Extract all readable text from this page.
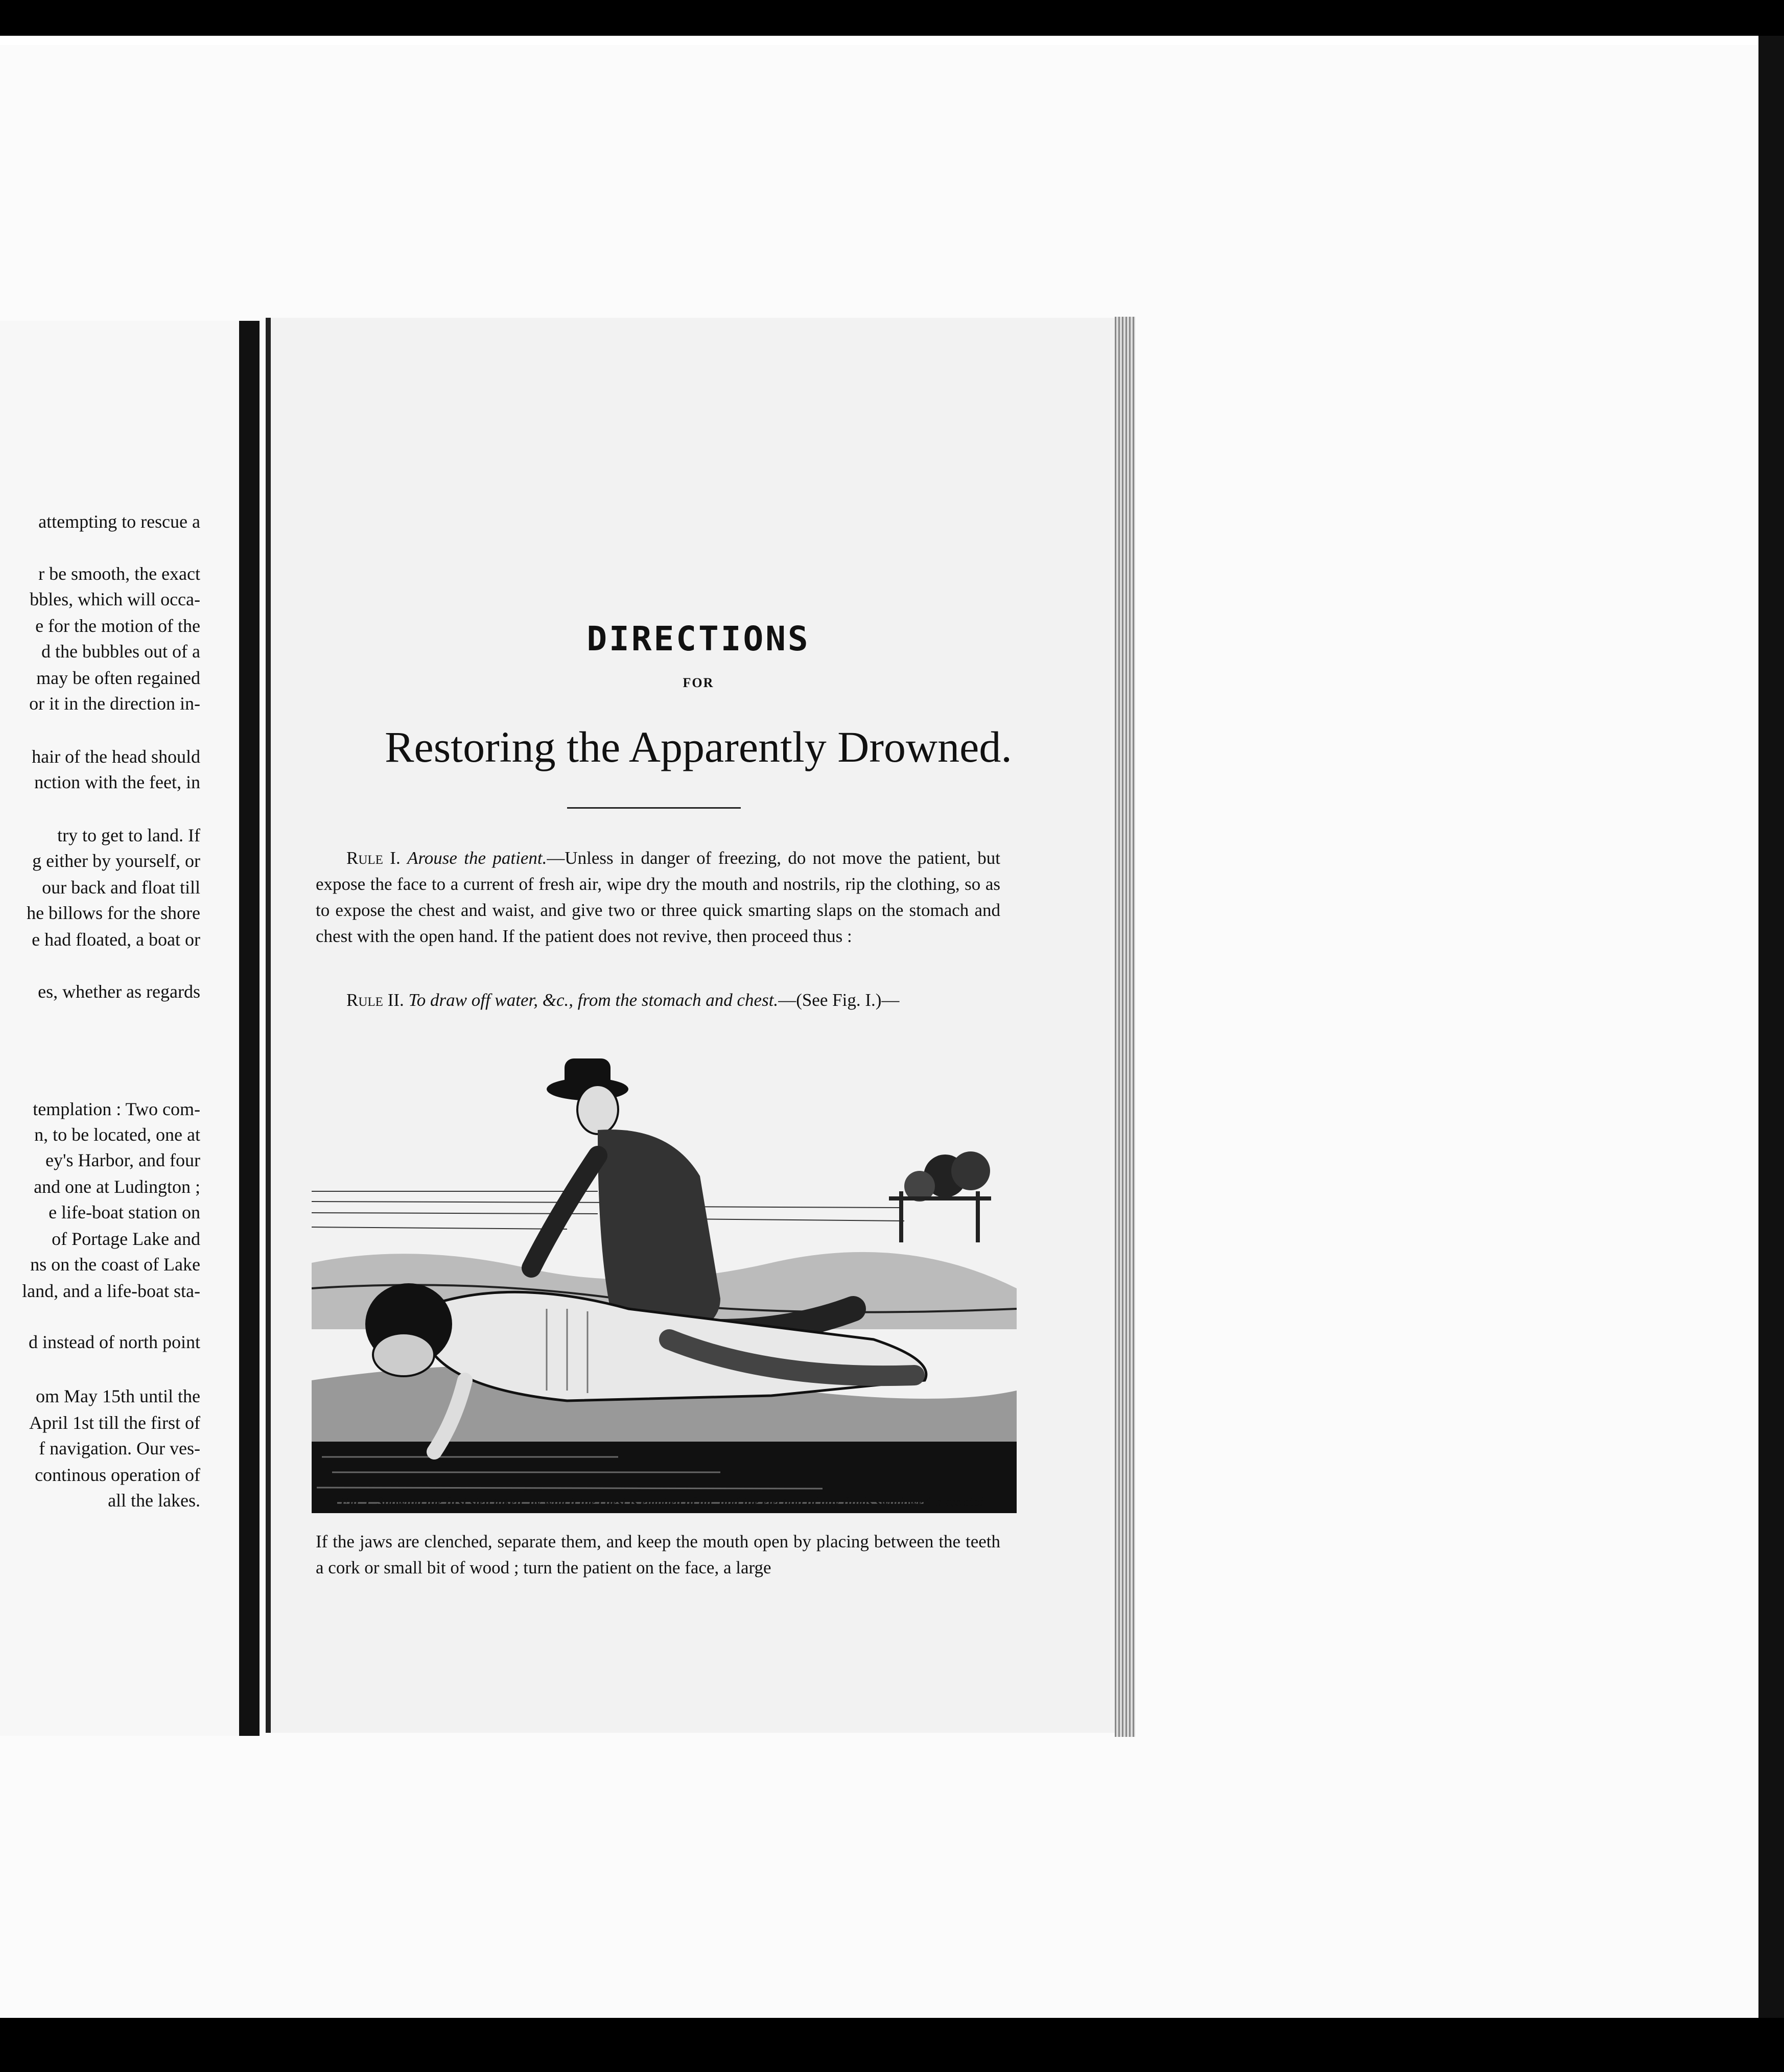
attempting to rescue a
r be smooth, the exact
bbles, which will occa-
e for the motion of the
d the bubbles out of a
may be often regained
or it in the direction in-
hair of the head should
nction with the feet, in
try to get to land. If
g either by yourself, or
our back and float till
he billows for the shore
e had floated, a boat or
es, whether as regards
templation : Two com-
n, to be located, one at
ey's Harbor, and four
and one at Ludington ;
e life-boat station on
of Portage Lake and
ns on the coast of Lake
land, and a life-boat sta-
d instead of north point
om May 15th until the
April 1st till the first of
f navigation. Our ves-
continous operation of
all the lakes.
DIRECTIONS
FOR
Restoring the Apparently Drowned.
Rule I. Arouse the patient.—Unless in danger of freezing, do not move the patient, but expose the face to a current of fresh air, wipe dry the mouth and nostrils, rip the clothing, so as to expose the chest and waist, and give two or three quick smarting slaps on the stomach and chest with the open hand. If the patient does not revive, then proceed thus :
Rule II. To draw off water, &c., from the stomach and chest.—(See Fig. I.)—
Fig. I. Showing the first step taken, by which the chest is emptied of air, and the ejection of any fluids swallowed is assisted.
If the jaws are clenched, separate them, and keep the mouth open by placing between the teeth a cork or small bit of wood ; turn the patient on the face, a large
